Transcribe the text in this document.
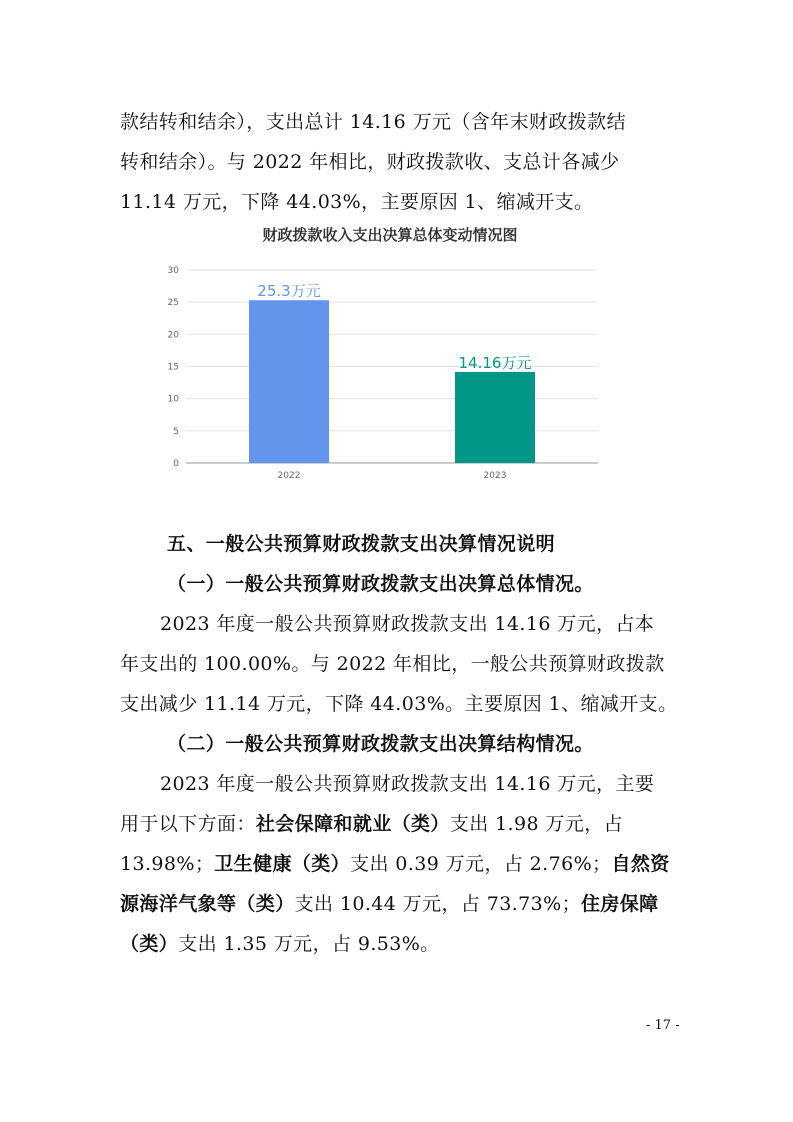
款结转和结余），支出总计 14.16 万元（含年末财政拨款结
转和结余）。与 2022 年相比，财政拨款收、支总计各减少
11.14 万元，下降 44.03%，主要原因 1、缩减开支。
财政拨款收入支出决算总体变动情况图
0
5
10
15
20
25
30
25.3万元
14.16万元
2022	2023
五、一般公共预算财政拨款支出决算情况说明
（一）一般公共预算财政拨款支出决算总体情况。
2023 年度一般公共预算财政拨款支出 14.16 万元，占本
年支出的 100.00%。与 2022 年相比，一般公共预算财政拨款
支出减少 11.14 万元，下降 44.03%。主要原因 1、缩减开支。
（二）一般公共预算财政拨款支出决算结构情况。
2023 年度一般公共预算财政拨款支出 14.16 万元，主要
用于以下方面：社会保障和就业（类）支出 1.98 万元，占
13.98%；卫生健康（类）支出 0.39 万元，占 2.76%；自然资
源海洋气象等（类）支出 10.44 万元，占 73.73%；住房保障
（类）支出 1.35 万元，占 9.53%。
- 17 -
